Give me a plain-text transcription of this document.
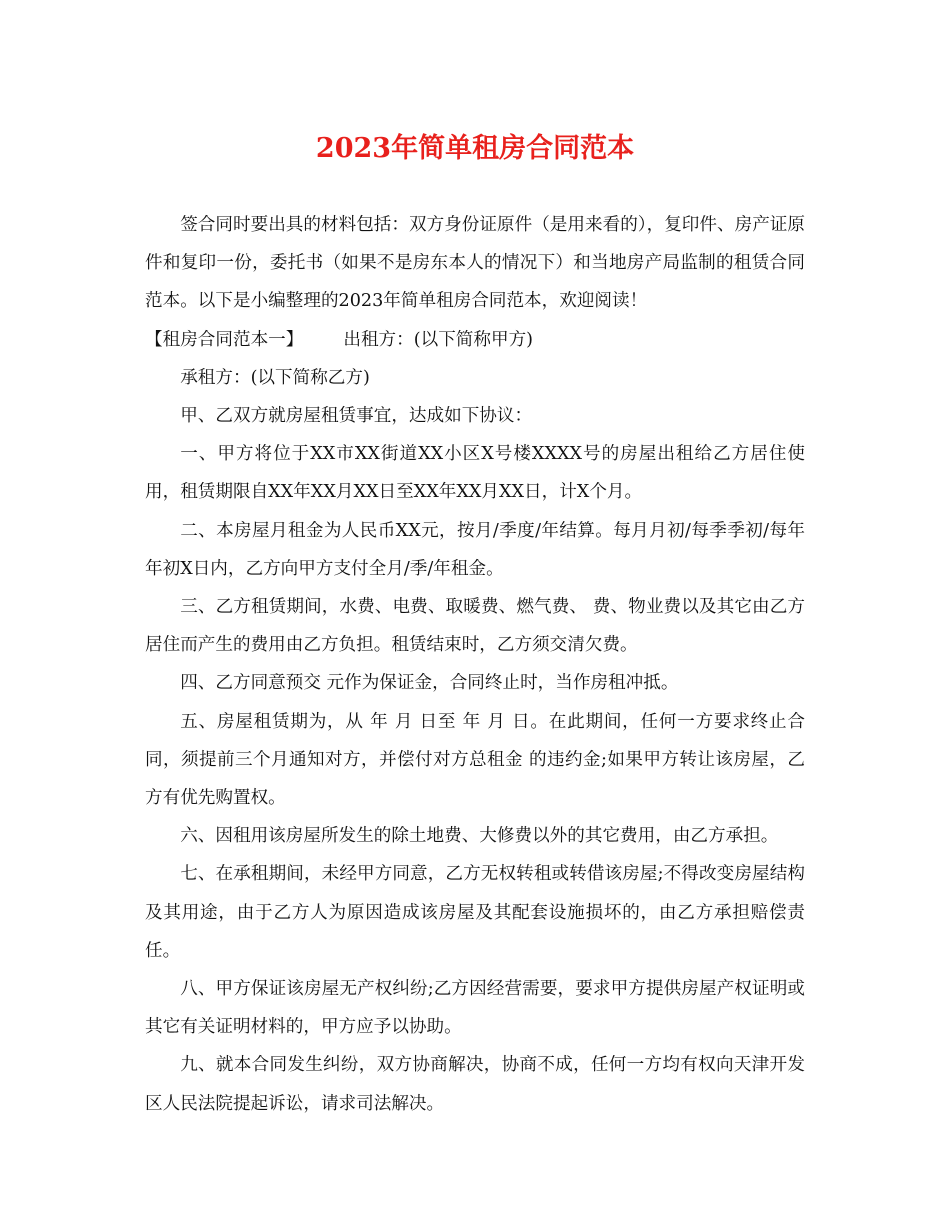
2023年简单租房合同范本

签合同时要出具的材料包括：双方身份证原件（是用来看的），复印件、房产证原件和复印一份，委托书（如果不是房东本人的情况下）和当地房产局监制的租赁合同范本。以下是小编整理的2023年简单租房合同范本，欢迎阅读！

【租房合同范本一】 出租方：(以下简称甲方)

承租方：(以下简称乙方)

甲、乙双方就房屋租赁事宜，达成如下协议：

一、甲方将位于XX市XX街道XX小区X号楼XXXX号的房屋出租给乙方居住使用，租赁期限自XX年XX月XX日至XX年XX月XX日，计X个月。

二、本房屋月租金为人民币XX元，按月/季度/年结算。每月月初/每季季初/每年年初X日内，乙方向甲方支付全月/季/年租金。

三、乙方租赁期间，水费、电费、取暖费、燃气费、 费、物业费以及其它由乙方居住而产生的费用由乙方负担。租赁结束时，乙方须交清欠费。

四、乙方同意预交 元作为保证金，合同终止时，当作房租冲抵。

五、房屋租赁期为，从 年 月 日至 年 月 日。在此期间，任何一方要求终止合同，须提前三个月通知对方，并偿付对方总租金 的违约金;如果甲方转让该房屋，乙方有优先购置权。

六、因租用该房屋所发生的除土地费、大修费以外的其它费用，由乙方承担。

七、在承租期间，未经甲方同意，乙方无权转租或转借该房屋;不得改变房屋结构及其用途，由于乙方人为原因造成该房屋及其配套设施损坏的，由乙方承担赔偿责任。

八、甲方保证该房屋无产权纠纷;乙方因经营需要，要求甲方提供房屋产权证明或其它有关证明材料的，甲方应予以协助。

九、就本合同发生纠纷，双方协商解决，协商不成，任何一方均有权向天津开发区人民法院提起诉讼，请求司法解决。
